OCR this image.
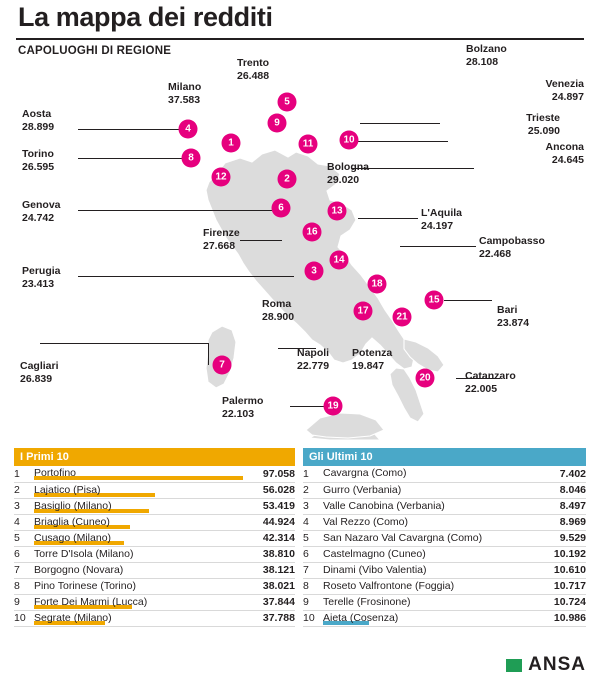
La mappa dei redditi
CAPOLUOGHI DI REGIONE
1
2
3
4
5
6
7
8
9
10
11
12
13
14
15
16
17
18
19
20
21
Milano
37.583
Trento
26.488
Bolzano
28.108
Venezia
24.897
Trieste
25.090
Ancona
24.645
Aosta
28.899
Torino
26.595
Genova
24.742
Perugia
23.413
Cagliari
26.839
Firenze
27.668
Bologna
29.020
Roma
28.900
L'Aquila
24.197
Campobasso
22.468
Bari
23.874
Napoli
22.779
Potenza
19.847
Catanzaro
22.005
Palermo
22.103
I Primi 10
1	Portofino	97.058
2	Lajatico (Pisa)	56.028
3	Basiglio (Milano)	53.419
4	Briaglia (Cuneo)	44.924
5	Cusago (Milano)	42.314
6	Torre D'Isola (Milano)	38.810
7	Borgogno (Novara)	38.121
8	Pino Torinese (Torino)	38.021
9	Forte Dei Marmi (Lucca)	37.844
10	Segrate (Milano)	37.788
Gli Ultimi 10
1	Cavargna (Como)	7.402
2	Gurro (Verbania)	8.046
3	Valle Canobina (Verbania)	8.497
4	Val Rezzo (Como)	8.969
5	San Nazaro Val Cavargna (Como)	9.529
6	Castelmagno (Cuneo)	10.192
7	Dinami (Vibo Valentia)	10.610
8	Roseto Valfrontone (Foggia)	10.717
9	Terelle (Frosinone)	10.724
10	Aieta (Cosenza)	10.986
ANSA
